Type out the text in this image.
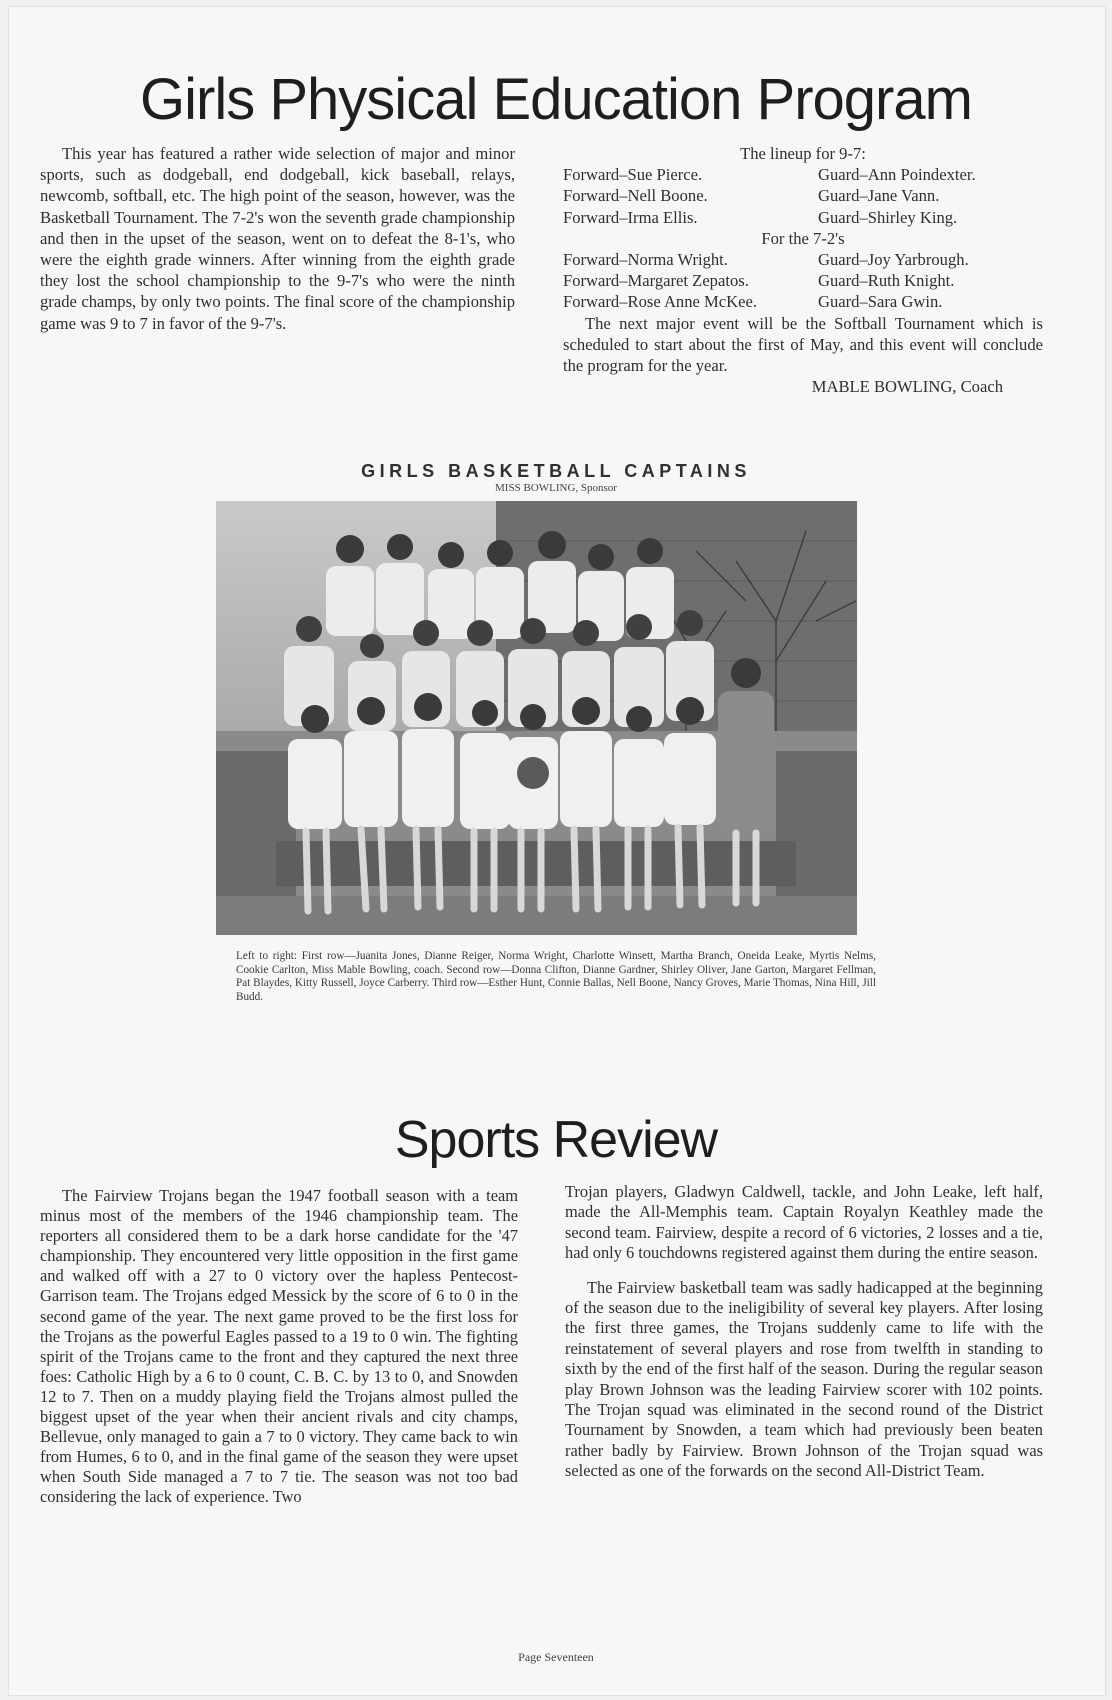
Girls Physical Education Program

This year has featured a rather wide selection of major and minor sports, such as dodgeball, end dodgeball, kick baseball, relays, newcomb, softball, etc. The high point of the season, however, was the Basketball Tournament. The 7-2's won the seventh grade championship and then in the upset of the season, went on to defeat the 8-1's, who were the eighth grade winners. After winning from the eighth grade they lost the school championship to the 9-7's who were the ninth grade champs, by only two points. The final score of the championship game was 9 to 7 in favor of the 9-7's.

The lineup for 9-7:
Forward–Sue Pierce.	Guard–Ann Poindexter.
Forward–Nell Boone.	Guard–Jane Vann.
Forward–Irma Ellis.	Guard–Shirley King.
For the 7-2's
Forward–Norma Wright.	Guard–Joy Yarbrough.
Forward–Margaret Zepatos.	Guard–Ruth Knight.
Forward–Rose Anne McKee.	Guard–Sara Gwin.
The next major event will be the Softball Tournament which is scheduled to start about the first of May, and this event will conclude the program for the year.
MABLE BOWLING, Coach
GIRLS BASKETBALL CAPTAINS
MISS BOWLING, Sponsor

Left to right: First row—Juanita Jones, Dianne Reiger, Norma Wright, Charlotte Winsett, Martha Branch, Oneida Leake, Myrtis Nelms, Cookie Carlton, Miss Mable Bowling, coach. Second row—Donna Clifton, Dianne Gardner, Shirley Oliver, Jane Garton, Margaret Fellman, Pat Blaydes, Kitty Russell, Joyce Carberry. Third row—Esther Hunt, Connie Ballas, Nell Boone, Nancy Groves, Marie Thomas, Nina Hill, Jill Budd.

Sports Review

The Fairview Trojans began the 1947 football season with a team minus most of the members of the 1946 championship team. The reporters all considered them to be a dark horse candidate for the '47 championship. They encountered very little opposition in the first game and walked off with a 27 to 0 victory over the hapless Pentecost-Garrison team. The Trojans edged Messick by the score of 6 to 0 in the second game of the year. The next game proved to be the first loss for the Trojans as the powerful Eagles passed to a 19 to 0 win. The fighting spirit of the Trojans came to the front and they captured the next three foes: Catholic High by a 6 to 0 count, C. B. C. by 13 to 0, and Snowden 12 to 7. Then on a muddy playing field the Trojans almost pulled the biggest upset of the year when their ancient rivals and city champs, Bellevue, only managed to gain a 7 to 0 victory. They came back to win from Humes, 6 to 0, and in the final game of the season they were upset when South Side managed a 7 to 7 tie. The season was not too bad considering the lack of experience. Two

Trojan players, Gladwyn Caldwell, tackle, and John Leake, left half, made the All-Memphis team. Captain Royalyn Keathley made the second team. Fairview, despite a record of 6 victories, 2 losses and a tie, had only 6 touchdowns registered against them during the entire season.

The Fairview basketball team was sadly hadicapped at the beginning of the season due to the ineligibility of several key players. After losing the first three games, the Trojans suddenly came to life with the reinstatement of several players and rose from twelfth in standing to sixth by the end of the first half of the season. During the regular season play Brown Johnson was the leading Fairview scorer with 102 points. The Trojan squad was eliminated in the second round of the District Tournament by Snowden, a team which had previously been beaten rather badly by Fairview. Brown Johnson of the Trojan squad was selected as one of the forwards on the second All-District Team.

Page Seventeen
